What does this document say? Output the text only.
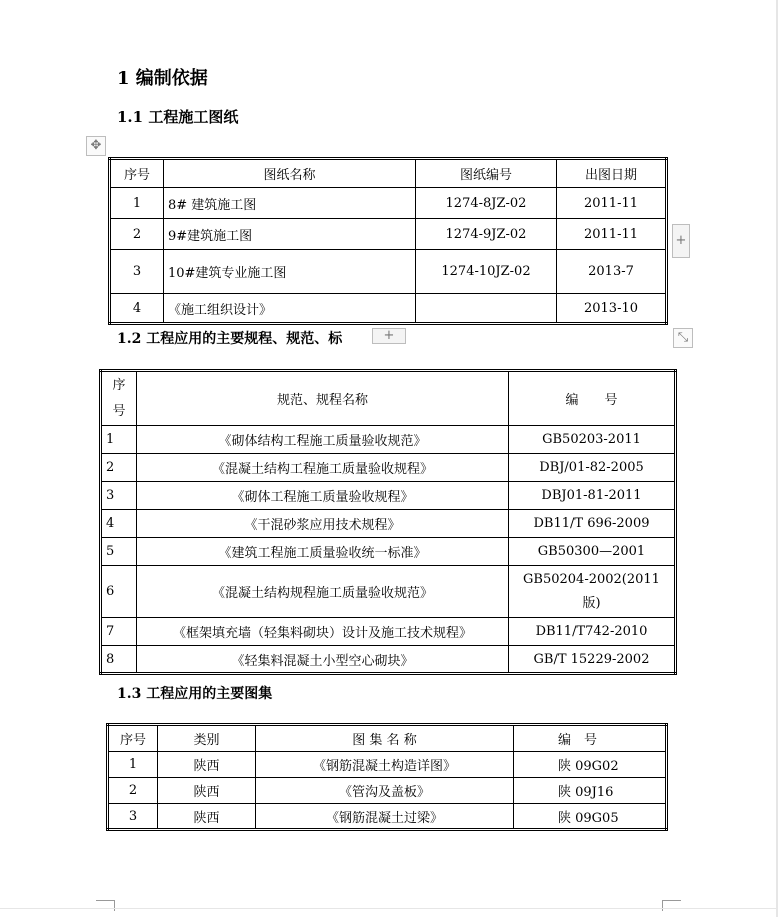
1 编制依据
1.1 工程施工图纸
✥
序号	图纸名称	图纸编号	出图日期
1	8# 建筑施工图	1274-8JZ-02	2011-11
2	9#建筑施工图	1274-9JZ-02	2011-11
3	10#建筑专业施工图	1274-10JZ-02	2013-7
4	《施工组织设计》		2013-10
+
1.2 工程应用的主要规程、规范、标	+	⤡
序号	规范、规程名称	编　　号
1	《砌体结构工程施工质量验收规范》	GB50203-2011
2	《混凝土结构工程施工质量验收规程》	DBJ/01-82-2005
3	《砌体工程施工质量验收规程》	DBJ01-81-2011
4	《干混砂浆应用技术规程》	DB11/T 696-2009
5	《建筑工程施工质量验收统一标准》	GB50300—2001
6	《混凝土结构规程施工质量验收规范》	GB50204-2002(2011版)
7	《框架填充墙（轻集料砌块）设计及施工技术规程》	DB11/T742-2010
8	《轻集料混凝土小型空心砌块》	GB/T 15229-2002
1.3 工程应用的主要图集
序号	类别	图 集 名 称	编　号
1	陕西	《钢筋混凝土构造详图》	陕 09G02
2	陕西	《管沟及盖板》	陕 09J16
3	陕西	《钢筋混凝土过梁》	陕 09G05
